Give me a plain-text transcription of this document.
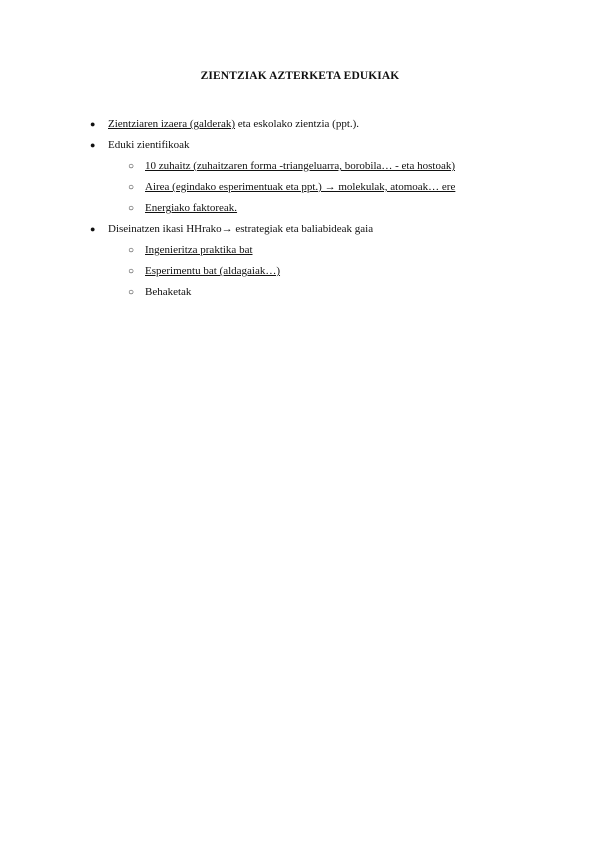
ZIENTZIAK AZTERKETA EDUKIAK
● Zientziaren izaera (galderak) eta eskolako zientzia (ppt.).
● Eduki zientifikoak
○ 10 zuhaitz (zuhaitzaren forma -triangeluarra, borobila… - eta hostoak)
○ Airea (egindako esperimentuak eta ppt.) → molekulak, atomoak… ere
○ Energiako faktoreak.
● Diseinatzen ikasi HHrako→ estrategiak eta baliabideak gaia
○ Ingenieritza praktika bat
○ Esperimentu bat (aldagaiak…)
○ Behaketak
